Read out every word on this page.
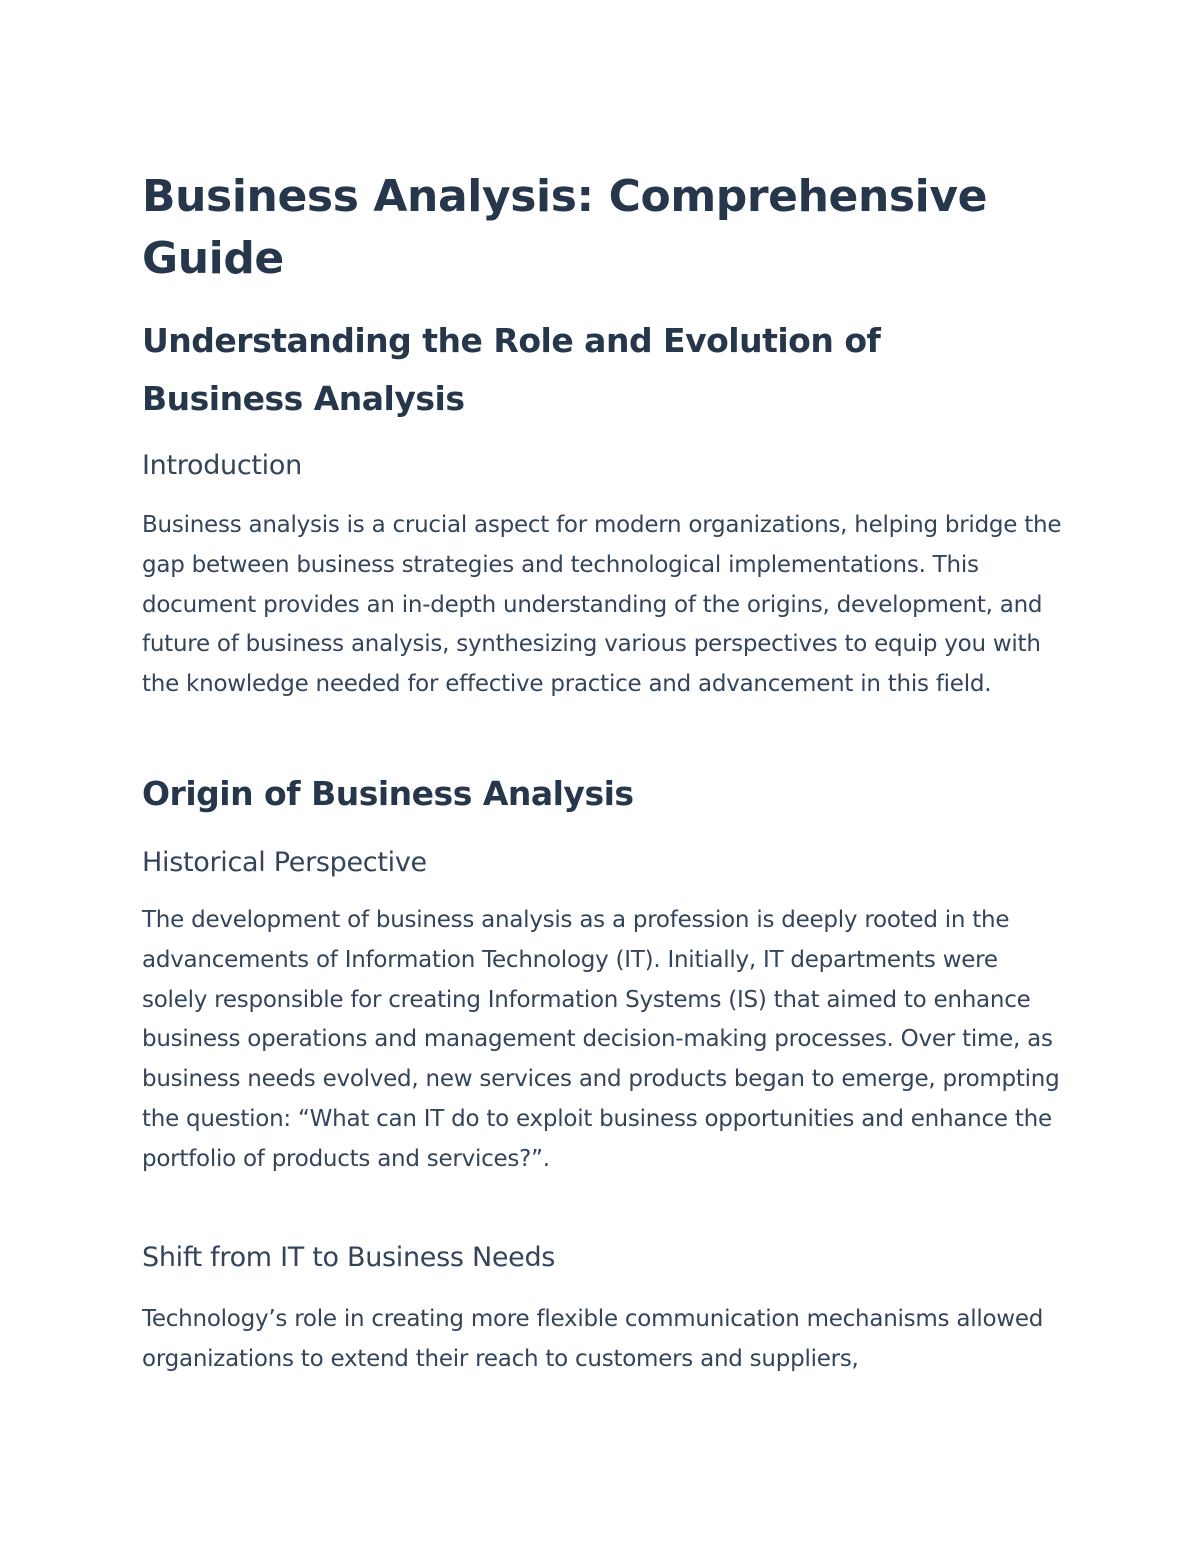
Business Analysis: Comprehensive Guide
Understanding the Role and Evolution of Business Analysis
Introduction

Business analysis is a crucial aspect for modern organizations, helping bridge the gap between business strategies and technological implementations. This document provides an in-depth understanding of the origins, development, and future of business analysis, synthesizing various perspectives to equip you with the knowledge needed for effective practice and advancement in this field.

Origin of Business Analysis
Historical Perspective

The development of business analysis as a profession is deeply rooted in the advancements of Information Technology (IT). Initially, IT departments were solely responsible for creating Information Systems (IS) that aimed to enhance business operations and management decision-making processes. Over time, as business needs evolved, new services and products began to emerge, prompting the question: “What can IT do to exploit business opportunities and enhance the portfolio of products and services?”.

Shift from IT to Business Needs

Technology’s role in creating more flexible communication mechanisms allowed organizations to extend their reach to customers and suppliers,
